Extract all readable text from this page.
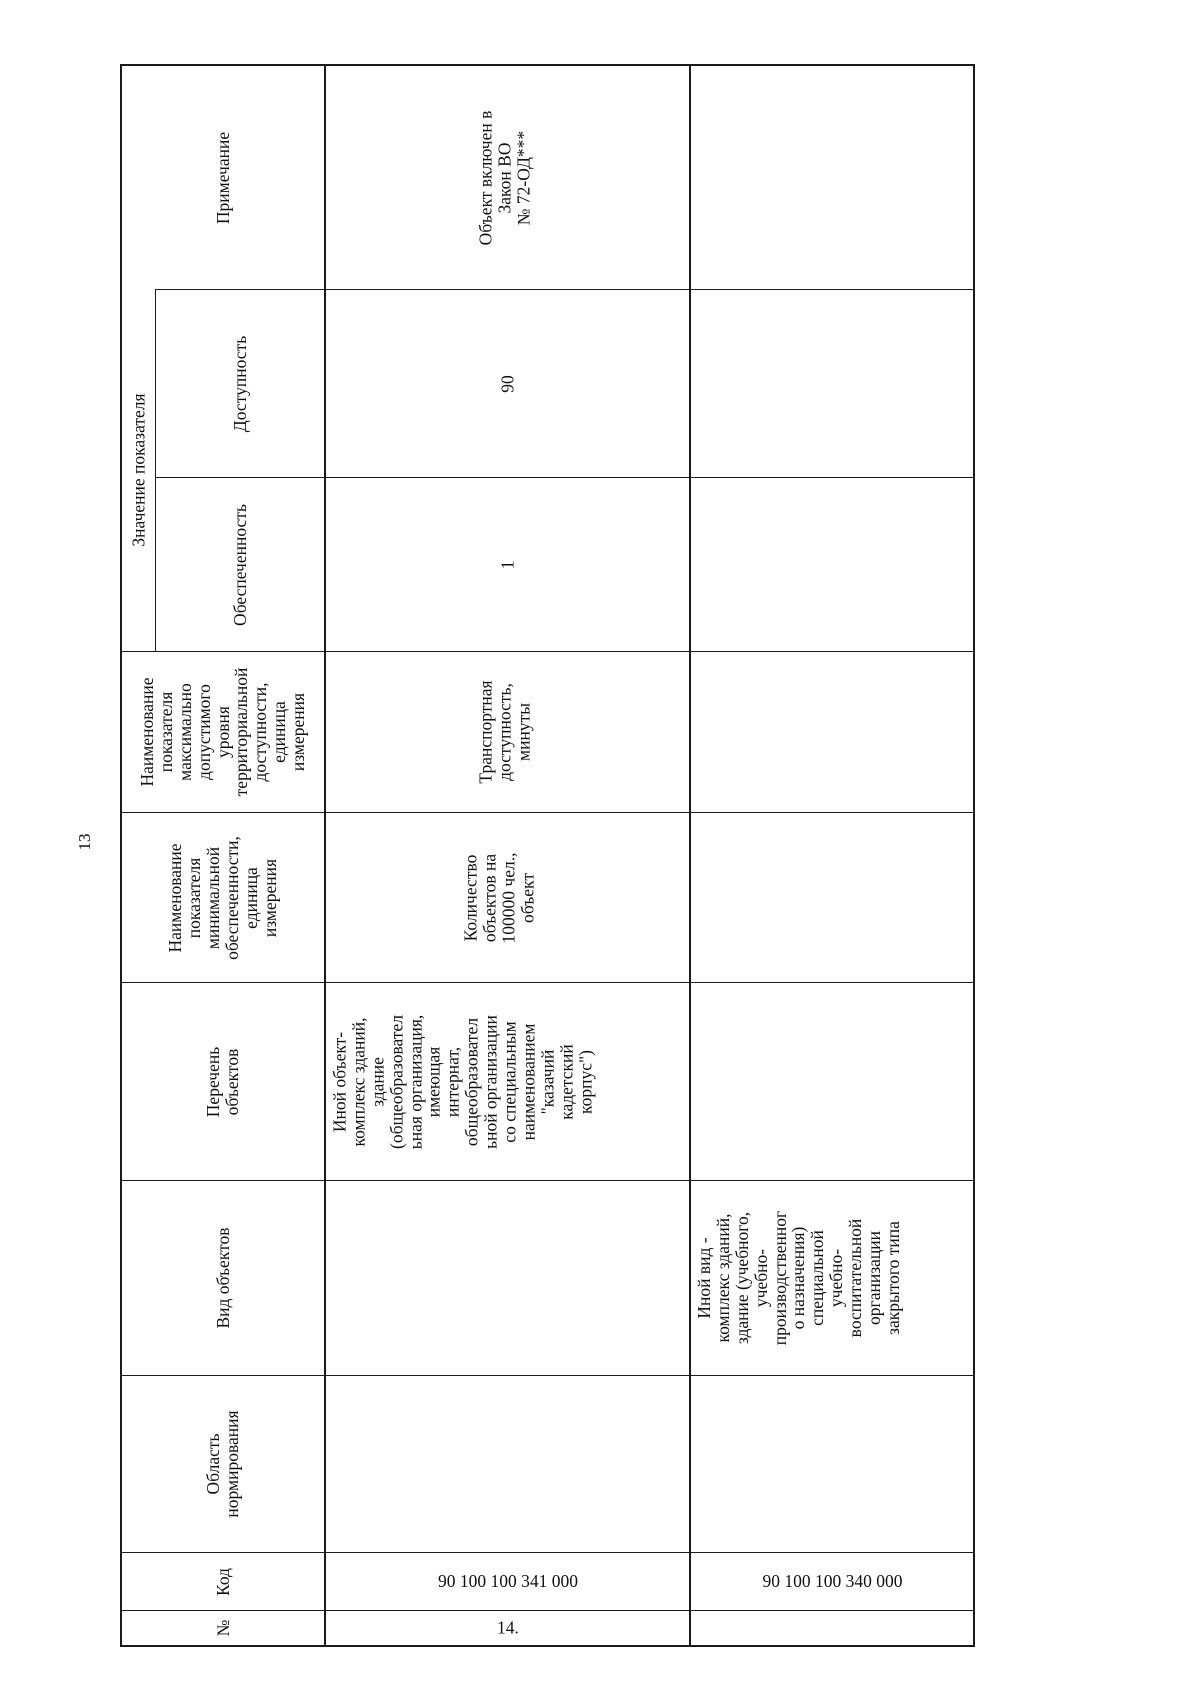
13
Примечание
Значение показателя
Доступность
Обеспеченность
Наименование
показателя
максимально
допустимого
уровня
территориальной
доступности,
единица
измерения
Наименование
показателя
минимальной
обеспеченности,
единица
измерения
Перечень
объектов
Вид объектов
Область
нормирования
Код
№
Объект включен в
Закон ВО
№ 72-ОД***
90
1
Транспортная
доступность,
минуты
Количество
объектов на
100000 чел.,
объект
Иной объект-
комплекс зданий,
здание
(общеобразовател
ьная организация,
имеющая
интернат,
общеобразовател
ьной организации
со специальным
наименованием
"казачий
кадетский
корпус")
90 100 100 341 000
14.
Иной вид -
комплекс зданий,
здание (учебного,
учебно-
производственног
о назначения)
специальной
учебно-
воспитательной
организации
закрытого типа
90 100 100 340 000
